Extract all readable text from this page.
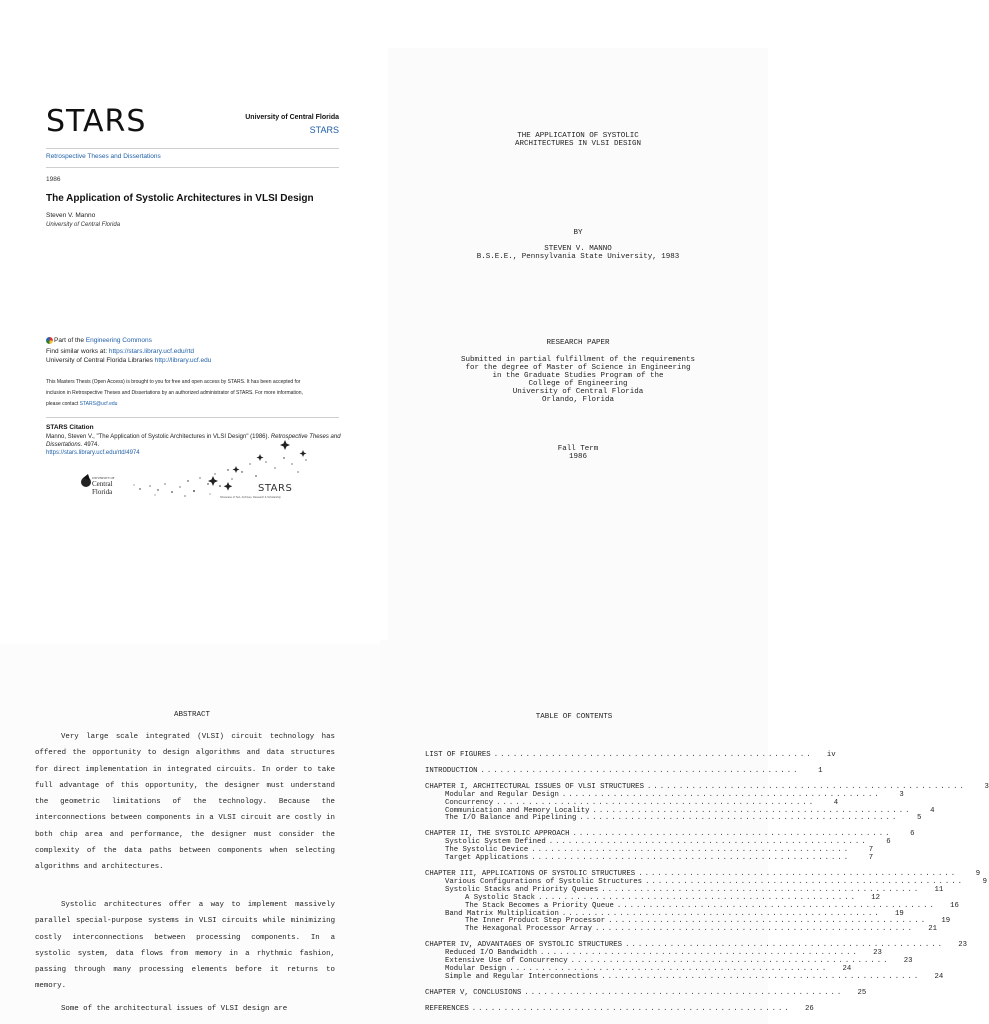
STARS	University of Central Florida
STARS
Retrospective Theses and Dissertations
1986
The Application of Systolic Architectures in VLSI Design
Steven V. Manno
University of Central Florida
Part of the Engineering Commons
Find similar works at: https://stars.library.ucf.edu/rtd
University of Central Florida Libraries http://library.ucf.edu
This Masters Thesis (Open Access) is brought to you for free and open access by STARS. It has been accepted for
inclusion in Retrospective Theses and Dissertations by an authorized administrator of STARS. For more information,
please contact STARS@ucf.edu
STARS Citation
Manno, Steven V., "The Application of Systolic Architectures in VLSI Design" (1986). Retrospective Theses and Dissertations. 4974.
https://stars.library.ucf.edu/rtd/4974
UNIVERSITY OF
Central
Florida	STARS
Showcase of Text, Archives, Research & Scholarship
THE APPLICATION OF SYSTOLIC
ARCHITECTURES IN VLSI DESIGN
BY
STEVEN V. MANNO
B.S.E.E., Pennsylvania State University, 1983
RESEARCH PAPER
Submitted in partial fulfillment of the requirements
for the degree of Master of Science in Engineering
in the Graduate Studies Program of the
College of Engineering
University of Central Florida
Orlando, Florida
Fall Term
1986
ABSTRACT
Very large scale integrated (VLSI) circuit technology has offered the opportunity to design algorithms and data structures for direct implementation in integrated circuits. In order to take full advantage of this opportunity, the designer must understand the geometric limitations of the technology. Because the interconnections between components in a VLSI circuit are costly in both chip area and performance, the designer must consider the complexity of the data paths between components when selecting algorithms and architectures.
Systolic architectures offer a way to implement massively parallel special-purpose systems in VLSI circuits while minimizing costly interconnections between processing components. In a systolic system, data flows from memory in a rhythmic fashion, passing through many processing elements before it returns to memory.
Some of the architectural issues of VLSI design are
TABLE OF CONTENTS
LIST OF FIGURES ..................................................	iv
INTRODUCTION ..................................................	1
CHAPTER I, ARCHITECTURAL ISSUES OF VLSI STRUCTURES ..................................................	3
Modular and Regular Design ..................................................	3
Concurrency ..................................................	4
Communication and Memory Locality ..................................................	4
The I/O Balance and Pipelining ..................................................	5
CHAPTER II, THE SYSTOLIC APPROACH ..................................................	6
Systolic System Defined ..................................................	6
The Systolic Device ..................................................	7
Target Applications ..................................................	7
CHAPTER III, APPLICATIONS OF SYSTOLIC STRUCTURES ..................................................	9
Various Configurations of Systolic Structures ..................................................	9
Systolic Stacks and Priority Queues ..................................................	11
A Systolic Stack ..................................................	12
The Stack Becomes a Priority Queue ..................................................	16
Band Matrix Multiplication ..................................................	19
The Inner Product Step Processor ..................................................	19
The Hexagonal Processor Array ..................................................	21
CHAPTER IV, ADVANTAGES OF SYSTOLIC STRUCTURES ..................................................	23
Reduced I/O Bandwidth ..................................................	23
Extensive Use of Concurrency ..................................................	23
Modular Design ..................................................	24
Simple and Regular Interconnections ..................................................	24
CHAPTER V, CONCLUSIONS ..................................................	25
REFERENCES ..................................................	26
